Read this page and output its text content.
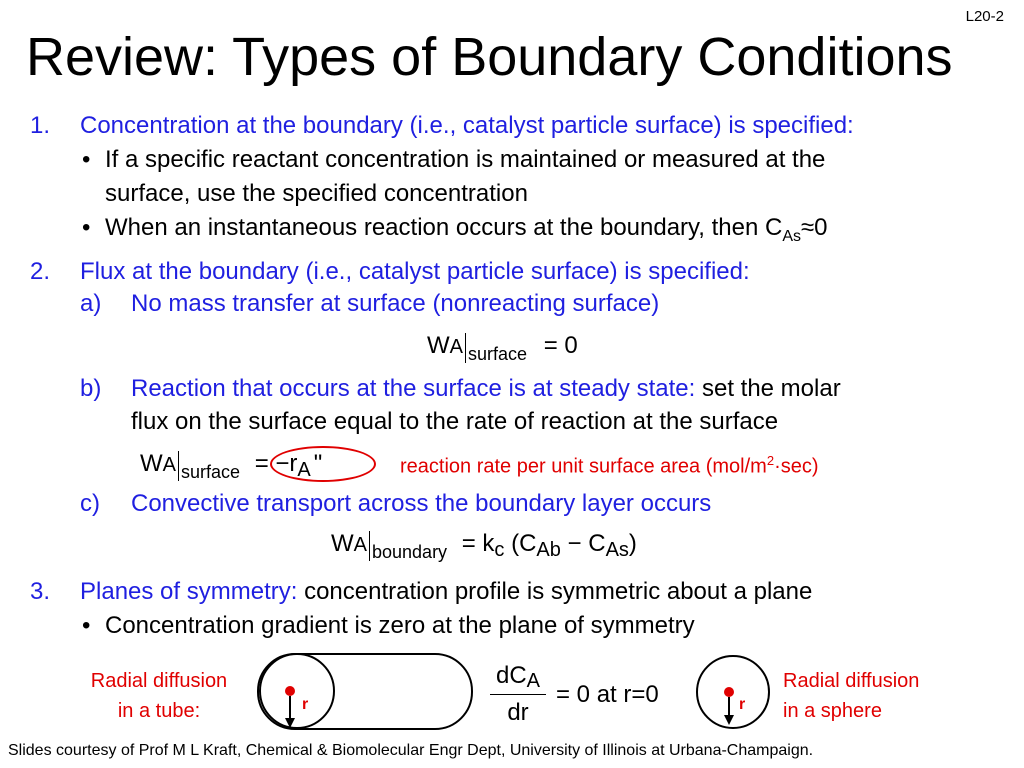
L20-2
Review: Types of Boundary Conditions
1. Concentration at the boundary (i.e., catalyst particle surface) is specified:
• If a specific reactant concentration is maintained or measured at the
surface, use the specified concentration
• When an instantaneous reaction occurs at the boundary, then $C_{As}\approx 0$
2. Flux at the boundary (i.e., catalyst particle surface) is specified:
a) No mass transfer at surface (nonreacting surface)
WA $_{surface}$ = 0
b) Reaction that occurs at the surface is at steady state: set the molar
flux on the surface equal to the rate of reaction at the surface
WA $_{surface} = -r_A$ "	reaction rate per unit surface area $(mol/m^2\cdot\sec)$
c) Convective transport across the boundary layer occurs
WA $_{boundary} = k_c$ $(C_{Ab} - C_{As})$
3. Planes of symmetry: concentration profile is symmetric about a plane
• Concentration gradient is zero at the plane of symmetry
Radial diffusion
in a tube:	r
dCA
dr
= 0 at r=0	r
Radial diffusion
in a sphere
Slides courtesy of Prof M L Kraft, Chemical & Biomolecular Engr Dept, University of Illinois at Urbana-Champaign.
